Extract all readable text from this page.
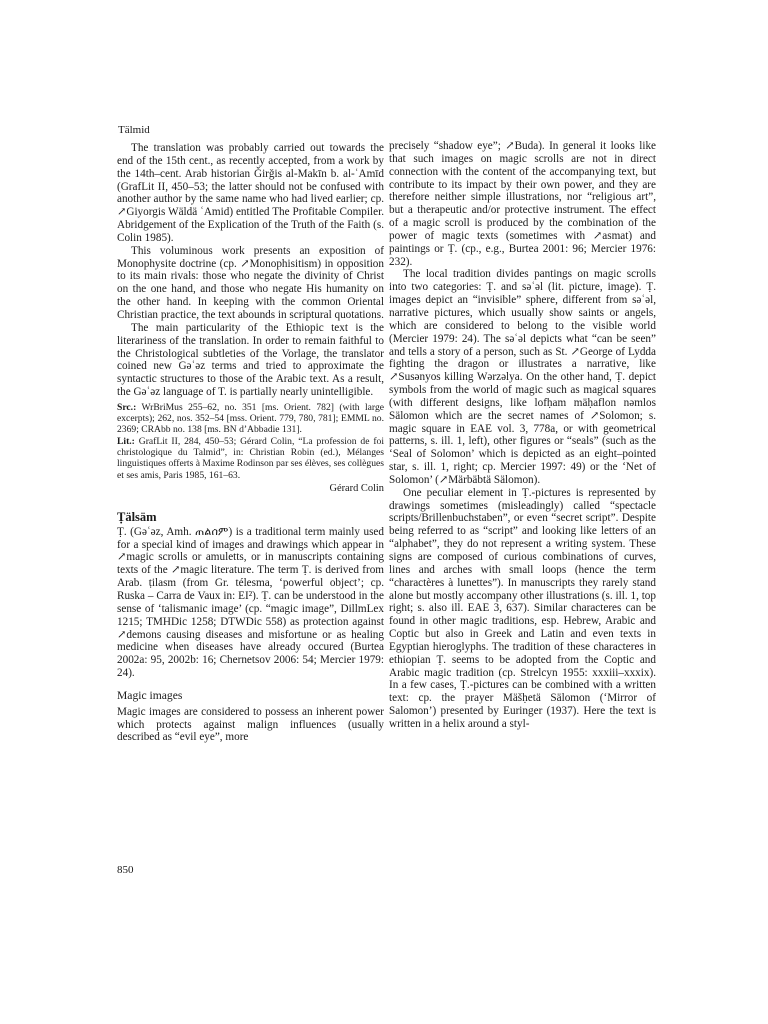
Tälmid

The translation was probably carried out towards the end of the 15th cent., as recently accepted, from a work by the 14th–cent. Arab historian Ǧirǧis al-Makīn b. al-ʿAmīd (GrafLit II, 450–53; the latter should not be confused with another author by the same name who had lived earlier; cp. ↗Giyorgis Wäldä ʿAmid) entitled The Profitable Compiler. Abridgement of the Explication of the Truth of the Faith (s. Colin 1985).

This voluminous work presents an exposition of Monophysite doctrine (cp. ↗Monophisitism) in opposition to its main rivals: those who negate the divinity of Christ on the one hand, and those who negate His humanity on the other hand. In keeping with the common Oriental Christian practice, the text abounds in scriptural quotations.

The main particularity of the Ethiopic text is the literariness of the translation. In order to remain faithful to the Christological subtleties of the Vorlage, the translator coined new Gəʿəz terms and tried to approximate the syntactic structures to those of the Arabic text. As a result, the Gəʿəz language of T. is partially nearly unintelligible.

Src.: WrBriMus 255–62, no. 351 [ms. Orient. 782] (with large excerpts); 262, nos. 352–54 [mss. Orient. 779, 780, 781]; EMML no. 2369; CRAbb no. 138 [ms. BN d’Abbadie 131].

Lit.: GrafLit II, 284, 450–53; Gérard Colin, “La profession de foi christologique du Talmid”, in: Christian Robin (ed.), Mélanges linguistiques offerts à Maxime Rodinson par ses élèves, ses collègues et ses amis, Paris 1985, 161–63.

Gérard Colin
Ṭälsäm

Ṭ. (Gəʿəz, Amh. ጠልሰም) is a traditional term mainly used for a special kind of images and drawings which appear in ↗magic scrolls or amuletts, or in manuscripts containing texts of the ↗magic literature. The term Ṭ. is derived from Arab. ṭilasm (from Gr. télesma, ‘powerful object’; cp. Ruska – Carra de Vaux in: EI²). Ṭ. can be understood in the sense of ‘talismanic image’ (cp. “magic image”, DillmLex 1215; TMHDic 1258; DTWDic 558) as protection against ↗demons causing diseases and misfortune or as healing medicine when diseases have already occured (Burtea 2002a: 95, 2002b: 16; Chernetsov 2006: 54; Mercier 1979: 24).

Magic images

Magic images are considered to possess an inherent power which protects against malign influences (usually described as “evil eye”, more

precisely “shadow eye”; ↗Buda). In general it looks like that such images on magic scrolls are not in direct connection with the content of the accompanying text, but contribute to its impact by their own power, and they are therefore neither simple illustrations, nor “religious art”, but a therapeutic and/or protective instrument. The effect of a magic scroll is produced by the combination of the power of magic texts (sometimes with ↗asmat) and paintings or Ṭ. (cp., e.g., Burtea 2001: 96; Mercier 1976: 232).

The local tradition divides pantings on magic scrolls into two categories: Ṭ. and səʿəl (lit. picture, image). Ṭ. images depict an “invisible” sphere, different from səʿəl, narrative pictures, which usually show saints or angels, which are considered to belong to the visible world (Mercier 1979: 24). The səʿəl depicts what “can be seen” and tells a story of a person, such as St. ↗George of Lydda fighting the dragon or illustrates a narrative, like ↗Susənyos killing Wərzəlya. On the other hand, Ṭ. depict symbols from the world of magic such as magical squares (with different designs, like lofḥam mäḥaflon nəmlos Sälomon which are the secret names of ↗Solomon; s. magic square in EAE vol. 3, 778a, or with geometrical patterns, s. ill. 1, left), other figures or “seals” (such as the ‘Seal of Solomon’ which is depicted as an eight–pointed star, s. ill. 1, right; cp. Mercier 1997: 49) or the ‘Net of Solomon’ (↗Märbäbtä Sälomon).

One peculiar element in Ṭ.-pictures is represented by drawings sometimes (misleadingly) called “spectacle scripts/Brillenbuchstaben”, or even “secret script”. Despite being referred to as “script” and looking like letters of an “alphabet”, they do not represent a writing system. These signs are composed of curious combinations of curves, lines and arches with small loops (hence the term “charactères à lunettes”). In manuscripts they rarely stand alone but mostly accompany other illustrations (s. ill. 1, top right; s. also ill. EAE 3, 637). Similar characteres can be found in other magic traditions, esp. Hebrew, Arabic and Coptic but also in Greek and Latin and even texts in Egyptian hieroglyphs. The tradition of these characteres in ethiopian Ṭ. seems to be adopted from the Coptic and Arabic magic tradition (cp. Strelcyn 1955: xxxiii–xxxix). In a few cases, Ṭ.-pictures can be combined with a written text: cp. the prayer Mäšḥetä Sälomon (‘Mirror of Salomon’) presented by Euringer (1937). Here the text is written in a helix around a styl-

850
